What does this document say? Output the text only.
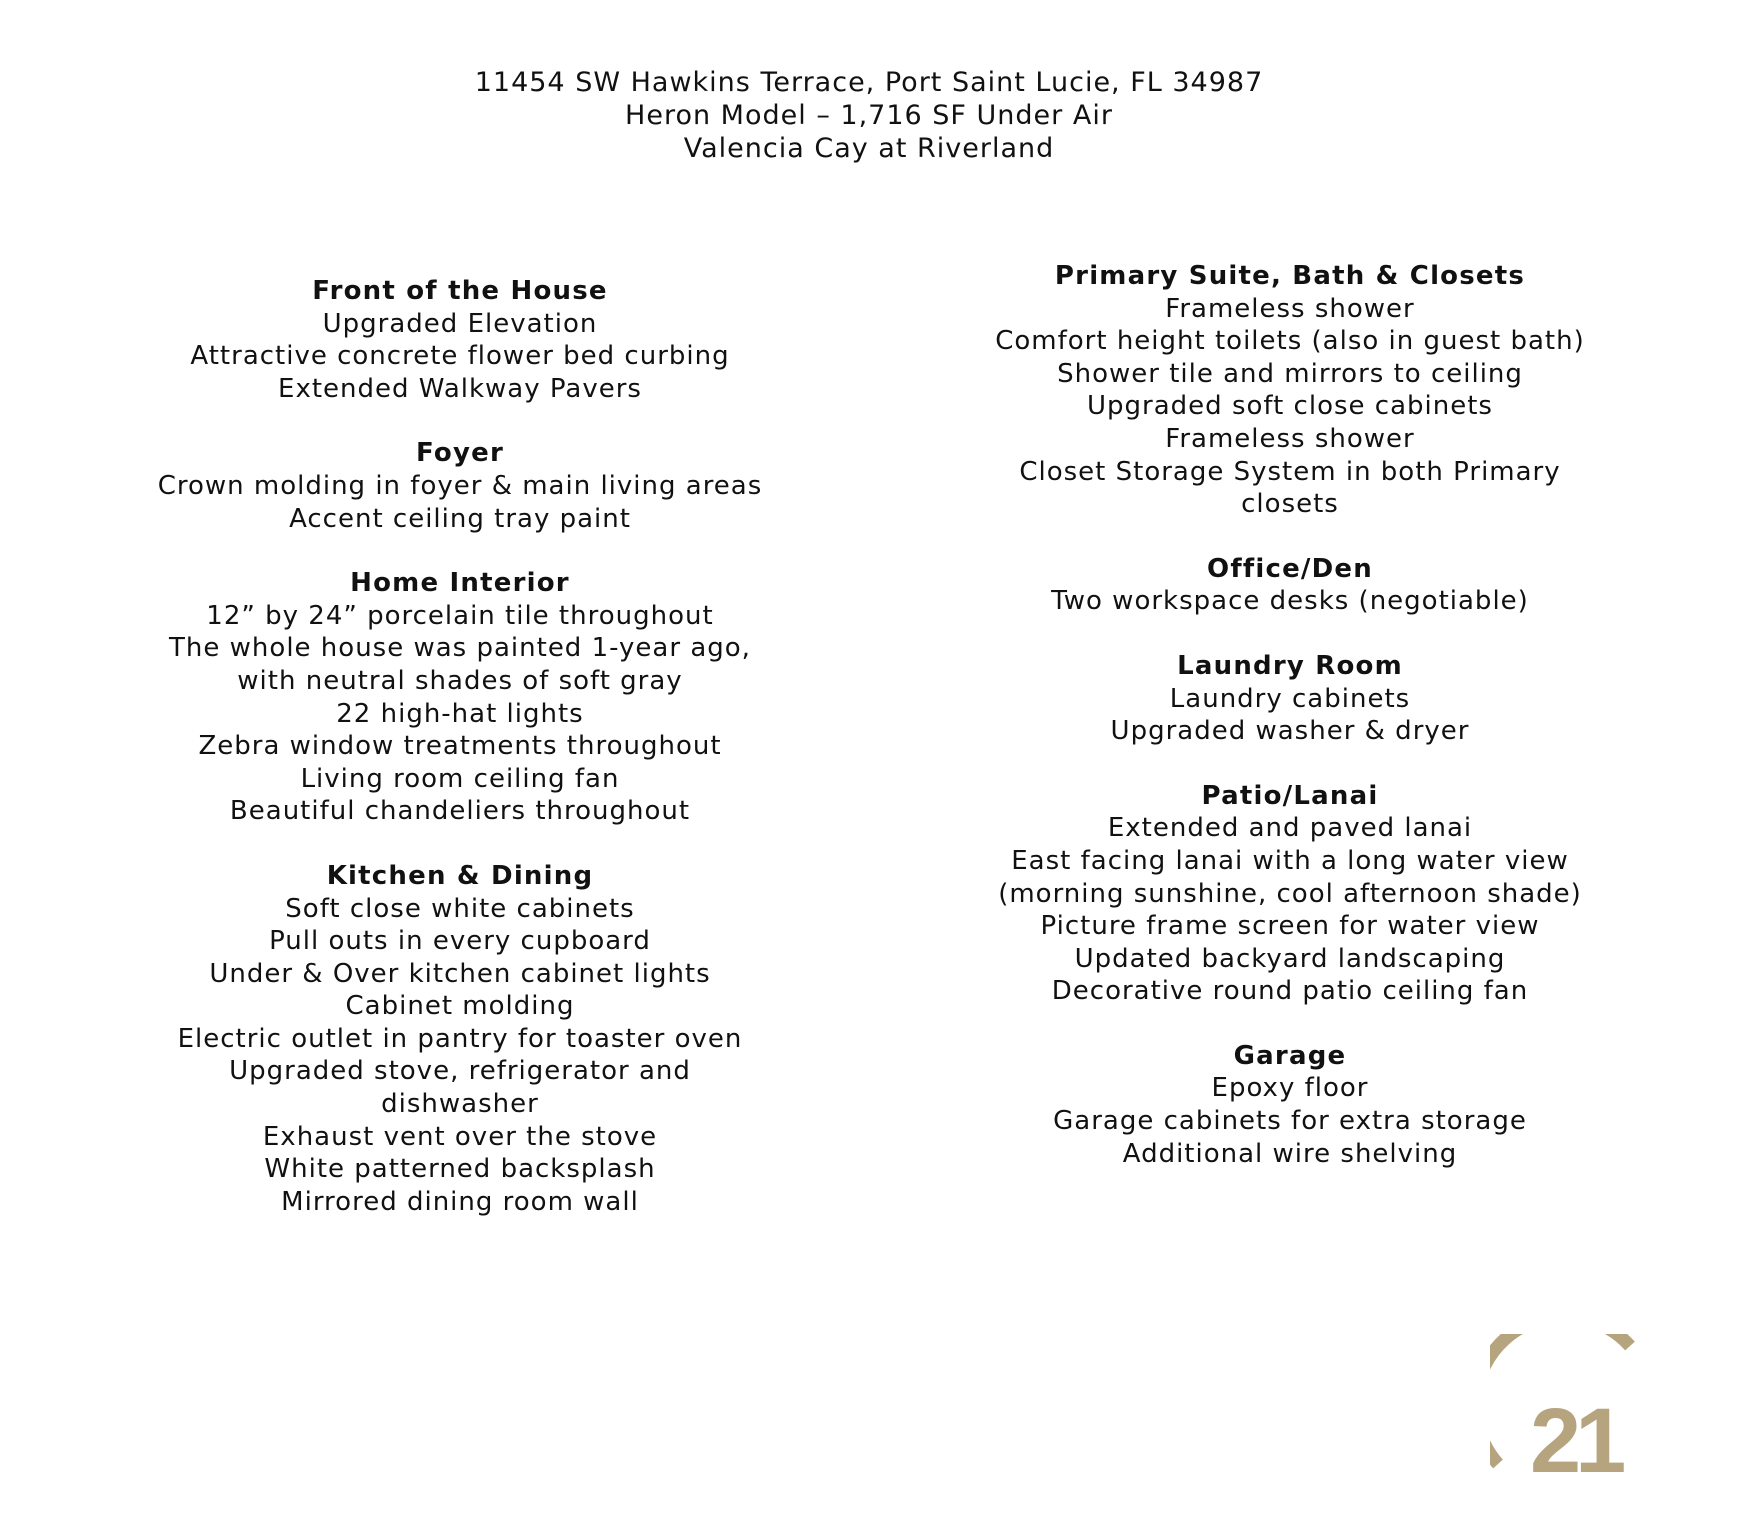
11454 SW Hawkins Terrace, Port Saint Lucie, FL 34987
Heron Model – 1,716 SF Under Air
Valencia Cay at Riverland
Front of the House
Upgraded Elevation
Attractive concrete flower bed curbing
Extended Walkway Pavers
Foyer
Crown molding in foyer & main living areas
Accent ceiling tray paint
Home Interior
12” by 24” porcelain tile throughout
The whole house was painted 1-year ago, with neutral shades of soft gray
22 high-hat lights
Zebra window treatments throughout
Living room ceiling fan
Beautiful chandeliers throughout
Kitchen & Dining
Soft close white cabinets
Pull outs in every cupboard
Under & Over kitchen cabinet lights
Cabinet molding
Electric outlet in pantry for toaster oven
Upgraded stove, refrigerator and dishwasher
Exhaust vent over the stove
White patterned backsplash
Mirrored dining room wall
Primary Suite, Bath & Closets
Frameless shower
Comfort height toilets (also in guest bath)
Shower tile and mirrors to ceiling
Upgraded soft close cabinets
Frameless shower
Closet Storage System in both Primary closets
Office/Den
Two workspace desks (negotiable)
Laundry Room
Laundry cabinets
Upgraded washer & dryer
Patio/Lanai
Extended and paved lanai
East facing lanai with a long water view (morning sunshine, cool afternoon shade)
Picture frame screen for water view
Updated backyard landscaping
Decorative round patio ceiling fan
Garage
Epoxy floor
Garage cabinets for extra storage
Additional wire shelving
21
